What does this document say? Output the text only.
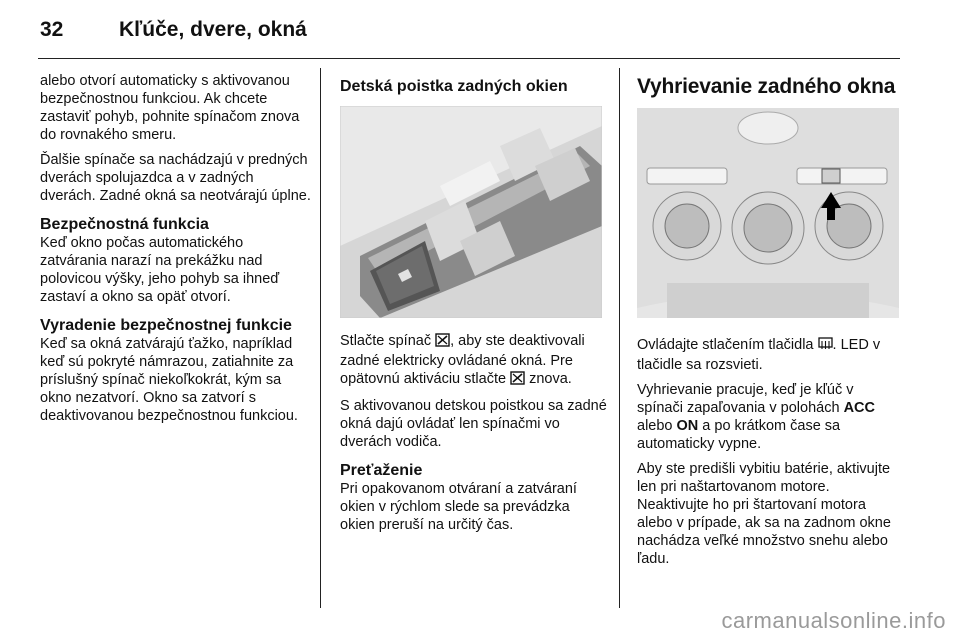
32	Kľúče, dvere, okná

alebo otvorí automaticky s aktivovanou bezpečnostnou funkciou. Ak chcete zastaviť pohyb, pohnite spínačom znova do rovnakého smeru.

Ďalšie spínače sa nachádzajú v predných dverách spolujazdca a v zadných dverách. Zadné okná sa neotvárajú úplne.

Bezpečnostná funkcia

Keď okno počas automatického zatvárania narazí na prekážku nad polovicou výšky, jeho pohyb sa ihneď zastaví a okno sa opäť otvorí.

Vyradenie bezpečnostnej funkcie

Keď sa okná zatvárajú ťažko, napríklad keď sú pokryté námrazou, zatiahnite za príslušný spínač niekoľkokrát, kým sa okno nezatvorí. Okno sa zatvorí s deaktivovanou bezpečnostnou funkciou.

Detská poistka zadných okien

Stlačte spínač , aby ste deaktivovali zadné elektricky ovládané okná. Pre opätovnú aktiváciu stlačte  znova.

S aktivovanou detskou poistkou sa zadné okná dajú ovládať len spínačmi vo dverách vodiča.

Preťaženie

Pri opakovanom otváraní a zatváraní okien v rýchlom slede sa prevádzka okien preruší na určitý čas.

Vyhrievanie zadného okna

Ovládajte stlačením tlačidla . LED v tlačidle sa rozsvieti.

Vyhrievanie pracuje, keď je kľúč v spínači zapaľovania v polohách ACC alebo ON a po krátkom čase sa automaticky vypne.

Aby ste predišli vybitiu batérie, aktivujte len pri naštartovanom motore. Neaktivujte ho pri štartovaní motora alebo v prípade, ak sa na zadnom okne nachádza veľké množstvo snehu alebo ľadu.

carmanualsonline.info
